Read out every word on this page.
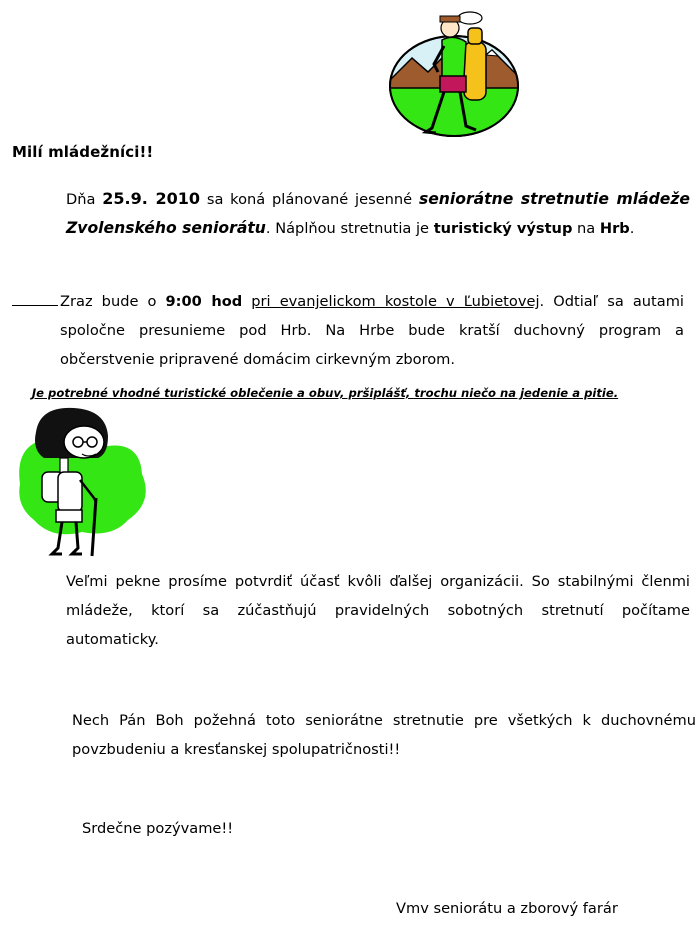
Milí mládežníci!!

Dňa 25.9. 2010 sa koná plánované jesenné seniorátne stretnutie mládeže Zvolenského seniorátu. Náplňou stretnutia je turistický výstup na Hrb.

Zraz bude o 9:00 hod pri evanjelickom kostole v Ľubietovej. Odtiaľ sa autami spoločne presunieme pod Hrb. Na Hrbe bude kratší duchovný program a občerstvenie pripravené domácim cirkevným zborom.

Je potrebné vhodné turistické oblečenie a obuv, pršiplášť, trochu niečo na jedenie a pitie.

Veľmi pekne prosíme potvrdiť účasť kvôli ďalšej organizácii. So stabilnými členmi mládeže, ktorí sa zúčastňujú pravidelných sobotných stretnutí počítame automaticky.

Nech Pán Boh požehná toto seniorátne stretnutie pre všetkých k duchovnému povzbudeniu a kresťanskej spolupatričnosti!!

Srdečne pozývame!!

Vmv seniorátu a zborový farár
